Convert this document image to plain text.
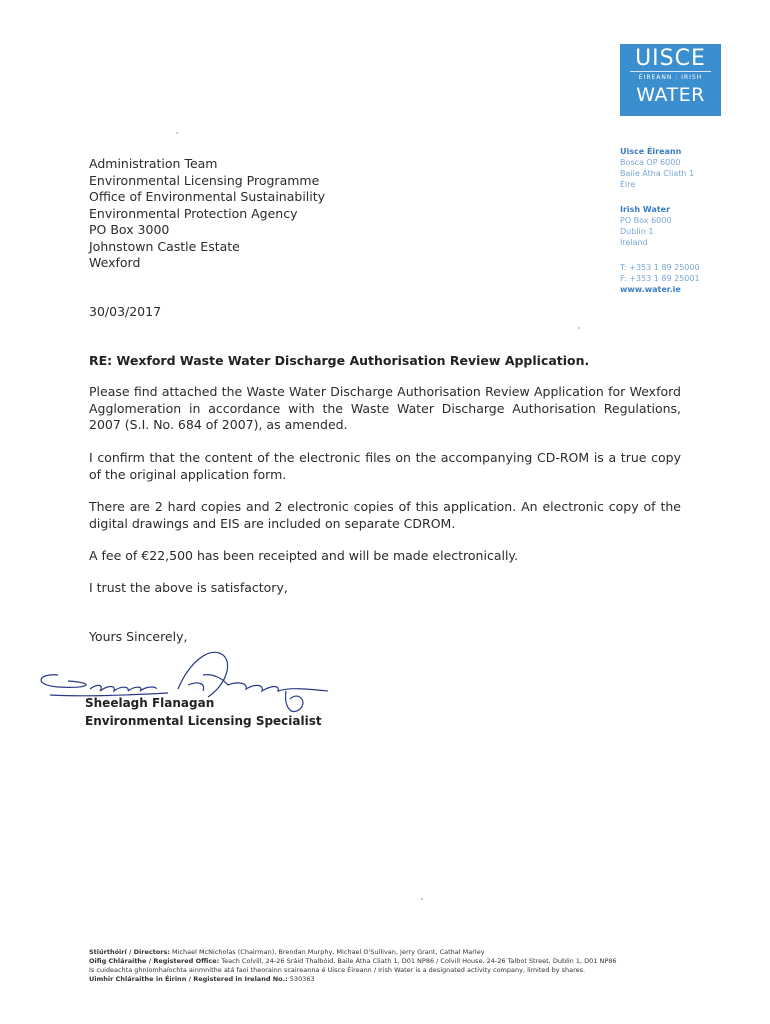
UISCE
ÉIREANN : IRISH
WATER
Uisce Éireann
Bosca OP 6000
Baile Átha Cliath 1
Éire
Irish Water
PO Box 6000
Dublin 1
Ireland
T: +353 1 89 25000
F: +353 1 89 25001
www.water.ie
Administration Team
Environmental Licensing Programme
Office of Environmental Sustainability
Environmental Protection Agency
PO Box 3000
Johnstown Castle Estate
Wexford
30/03/2017
RE: Wexford Waste Water Discharge Authorisation Review Application.
Please find attached the Waste Water Discharge Authorisation Review Application for Wexford Agglomeration in accordance with the Waste Water Discharge Authorisation Regulations, 2007 (S.I. No. 684 of 2007), as amended.
I confirm that the content of the electronic files on the accompanying CD-ROM is a true copy of the original application form.
There are 2 hard copies and 2 electronic copies of this application. An electronic copy of the digital drawings and EIS are included on separate CDROM.
A fee of €22,500 has been receipted and will be made electronically.
I trust the above is satisfactory,
Yours Sincerely,
Sheelagh Flanagan
Environmental Licensing Specialist
Stiúrthóirí / Directors: Michael McNicholas (Chairman), Brendan Murphy, Michael O'Sullivan, Jerry Grant, Cathal Marley
Oifig Chláraithe / Registered Office: Teach Colvill, 24-26 Sráid Thalbóid, Baile Átha Cliath 1, D01 NP86 / Colvill House, 24-26 Talbot Street, Dublin 1, D01 NP86
Is cuideachta ghníomhaíochta ainmnithe atá faoi theorainn scaireanna é Uisce Éireann / Irish Water is a designated activity company, limited by shares.
Uimhir Chláraithe in Éirinn / Registered in Ireland No.: 530363
